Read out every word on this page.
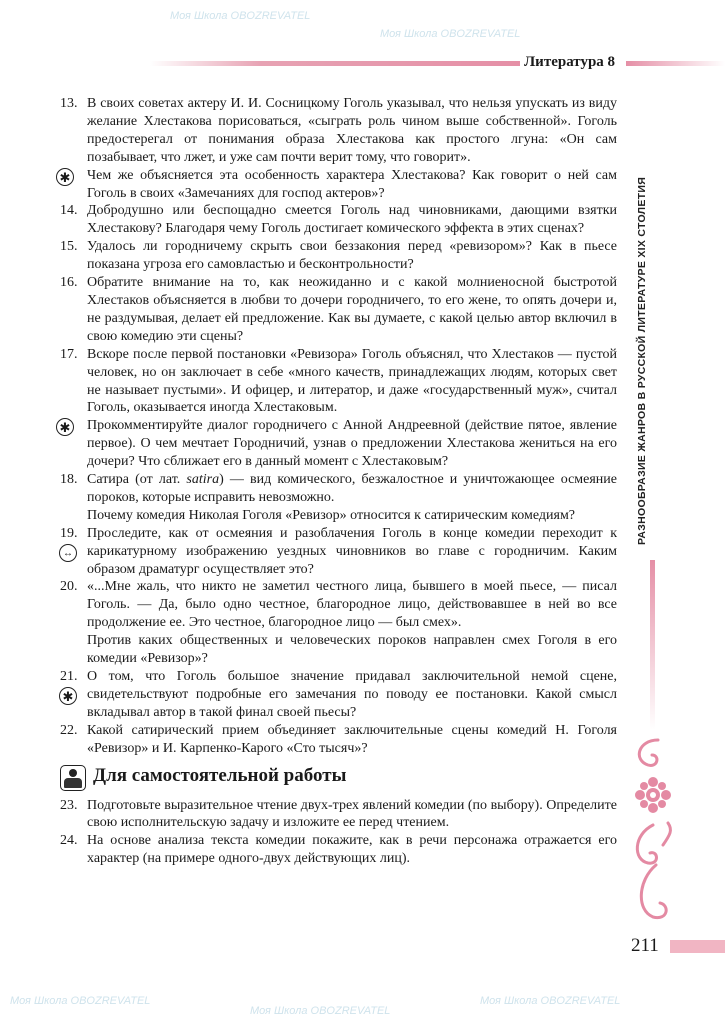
Моя Школа OBOZREVATEL
Моя Школа OBOZREVATEL
Моя Школа OBOZREVATEL
Моя Школа OBOZREVATEL
Моя Школа OBOZREVATEL
Литература 8
13. В своих советах актеру И. И. Сосницкому Гоголь указывал, что нельзя упускать из виду желание Хлестакова порисоваться, «сыграть роль чином выше собственной». Гоголь предостерегал от понимания образа Хлестакова как простого лгуна: «Он сам позабывает, что лжет, и уже сам почти верит тому, что говорит».
✱ Чем же объясняется эта особенность характера Хлестакова? Как говорит о ней сам Гоголь в своих «Замечаниях для господ актеров»?
14. Добродушно или беспощадно смеется Гоголь над чиновниками, дающими взятки Хлестакову? Благодаря чему Гоголь достигает комического эффекта в этих сценах?
15. Удалось ли городничему скрыть свои беззакония перед «ревизором»? Как в пьесе показана угроза его самовластью и бесконтрольности?
16. Обратите внимание на то, как неожиданно и с какой молниеносной быстротой Хлестаков объясняется в любви то дочери городничего, то его жене, то опять дочери и, не раздумывая, делает ей предложение. Как вы думаете, с какой целью автор включил в свою комедию эти сцены?
17. Вскоре после первой постановки «Ревизора» Гоголь объяснял, что Хлестаков — пустой человек, но он заключает в себе «много качеств, принадлежащих людям, которых свет не называет пустыми». И офицер, и литератор, и даже «государственный муж», считал Гоголь, оказывается иногда Хлестаковым.
✱ Прокомментируйте диалог городничего с Анной Андреевной (действие пятое, явление первое). О чем мечтает Городничий, узнав о предложении Хлестакова жениться на его дочери? Что сближает его в данный момент с Хлестаковым?
18. Сатира (от лат. satira) — вид комического, безжалостное и уничтожающее осмеяние пороков, которые исправить невозможно.
Почему комедия Николая Гоголя «Ревизор» относится к сатирическим комедиям?
19.
↔
Проследите, как от осмеяния и разоблачения Гоголь в конце комедии переходит к карикатурному изображению уездных чиновников во главе с городничим. Каким образом драматург осуществляет это?
20. «...Мне жаль, что никто не заметил честного лица, бывшего в моей пьесе, — писал Гоголь. — Да, было одно честное, благородное лицо, действовавшее в ней во все продолжение ее. Это честное, благородное лицо — был смех».
Против каких общественных и человеческих пороков направлен смех Гоголя в его комедии «Ревизор»?
21.
✱
О том, что Гоголь большое значение придавал заключительной немой сцене, свидетельствуют подробные его замечания по поводу ее постановки. Какой смысл вкладывал автор в такой финал своей пьесы?
22. Какой сатирический прием объединяет заключительные сцены комедий Н. Гоголя «Ревизор» и И. Карпенко-Карого «Сто тысяч»?
Для самостоятельной работы
23. Подготовьте выразительное чтение двух-трех явлений комедии (по выбору). Определите свою исполнительскую задачу и изложите ее перед чтением.
24. На основе анализа текста комедии покажите, как в речи персонажа отражается его характер (на примере одного-двух действующих лиц).
РАЗНООБРАЗИЕ ЖАНРОВ В РУССКОЙ ЛИТЕРАТУРЕ XIX СТОЛЕТИЯ
211
